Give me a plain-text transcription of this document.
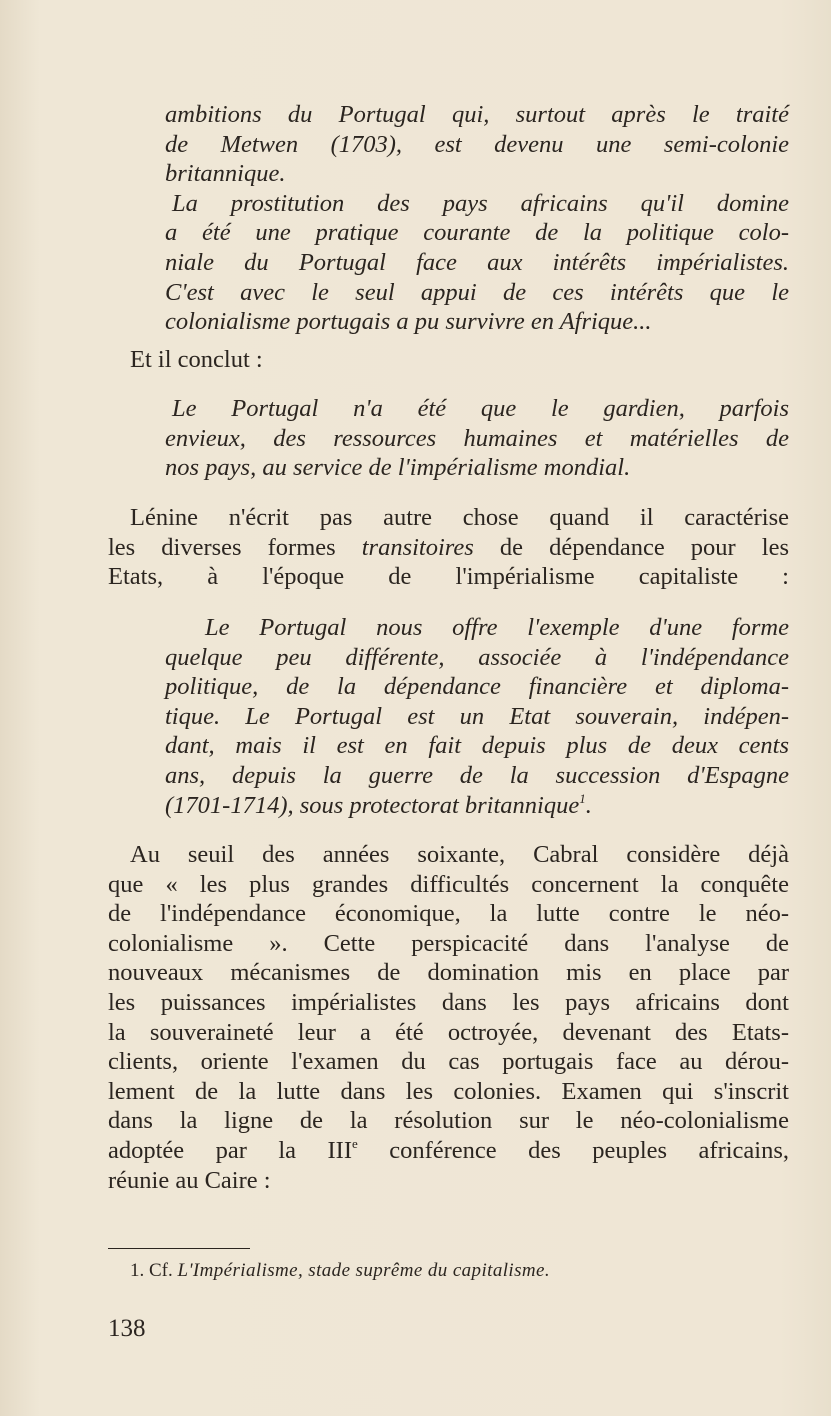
ambitions du Portugal qui, surtout après le traité
de Metwen (1703), est devenu une semi-colonie
britannique.
La prostitution des pays africains qu'il domine
a été une pratique courante de la politique colo-
niale du Portugal face aux intérêts impérialistes.
C'est avec le seul appui de ces intérêts que le
colonialisme portugais a pu survivre en Afrique...
Et il conclut :
Le Portugal n'a été que le gardien, parfois
envieux, des ressources humaines et matérielles de
nos pays, au service de l'impérialisme mondial.
Lénine n'écrit pas autre chose quand il caractérise
les diverses formes transitoires de dépendance pour les
Etats, à l'époque de l'impérialisme capitaliste :
Le Portugal nous offre l'exemple d'une forme
quelque peu différente, associée à l'indépendance
politique, de la dépendance financière et diploma-
tique. Le Portugal est un Etat souverain, indépen-
dant, mais il est en fait depuis plus de deux cents
ans, depuis la guerre de la succession d'Espagne
(1701-1714), sous protectorat britannique$^1$.
Au seuil des années soixante, Cabral considère déjà
que « les plus grandes difficultés concernent la conquête
de l'indépendance économique, la lutte contre le néo-
colonialisme ». Cette perspicacité dans l'analyse de
nouveaux mécanismes de domination mis en place par
les puissances impérialistes dans les pays africains dont
la souveraineté leur a été octroyée, devenant des Etats-
clients, oriente l'examen du cas portugais face au dérou-
lement de la lutte dans les colonies. Examen qui s'inscrit
dans la ligne de la résolution sur le néo-colonialisme
adoptée par la IIIe conférence des peuples africains,
réunie au Caire :
1. Cf. L'Impérialisme, stade suprême du capitalisme.
138
